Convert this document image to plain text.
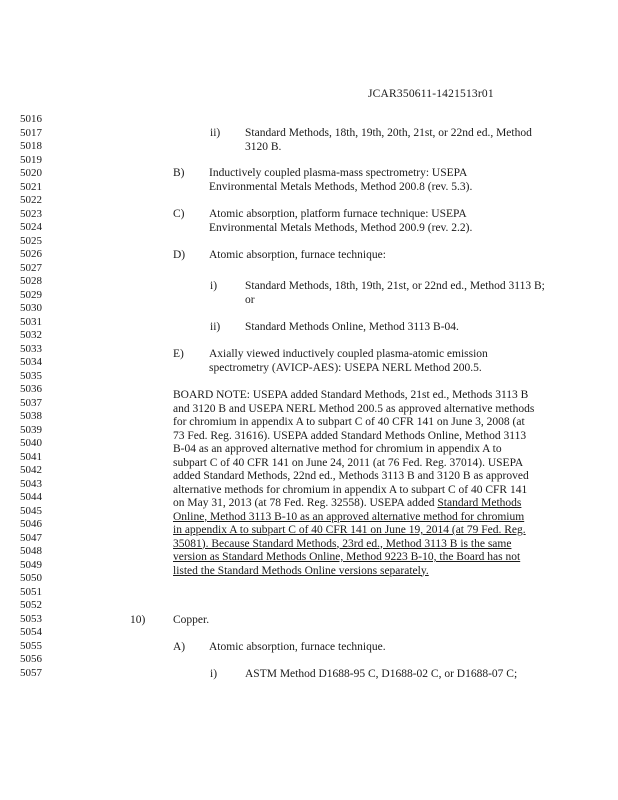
JCAR350611-1421513r01
5016
5017
5018
5019
5020
5021
5022
5023
5024
5025
5026
5027
5028
5029
5030
5031
5032
5033
5034
5035
5036
5037
5038
5039
5040
5041
5042
5043
5044
5045
5046
5047
5048
5049
5050
5051
5052
5053
5054
5055
5056
5057
ii) Standard Methods, 18th, 19th, 20th, 21st, or 22nd ed., Method 3120 B.
B) Inductively coupled plasma-mass spectrometry: USEPA Environmental Metals Methods, Method 200.8 (rev. 5.3).
C) Atomic absorption, platform furnace technique: USEPA Environmental Metals Methods, Method 200.9 (rev. 2.2).
D) Atomic absorption, furnace technique:
i) Standard Methods, 18th, 19th, 21st, or 22nd ed., Method 3113 B; or
ii) Standard Methods Online, Method 3113 B-04.
E) Axially viewed inductively coupled plasma-atomic emission spectrometry (AVICP-AES): USEPA NERL Method 200.5.
BOARD NOTE: USEPA added Standard Methods, 21st ed., Methods 3113 B and 3120 B and USEPA NERL Method 200.5 as approved alternative methods for chromium in appendix A to subpart C of 40 CFR 141 on June 3, 2008 (at 73 Fed. Reg. 31616). USEPA added Standard Methods Online, Method 3113 B-04 as an approved alternative method for chromium in appendix A to subpart C of 40 CFR 141 on June 24, 2011 (at 76 Fed. Reg. 37014). USEPA added Standard Methods, 22nd ed., Methods 3113 B and 3120 B as approved alternative methods for chromium in appendix A to subpart C of 40 CFR 141 on May 31, 2013 (at 78 Fed. Reg. 32558). USEPA added Standard Methods Online, Method 3113 B-10 as an approved alternative method for chromium in appendix A to subpart C of 40 CFR 141 on June 19, 2014 (at 79 Fed. Reg. 35081). Because Standard Methods, 23rd ed., Method 3113 B is the same version as Standard Methods Online, Method 9223 B-10, the Board has not listed the Standard Methods Online versions separately.
10) Copper.
A) Atomic absorption, furnace technique.
i) ASTM Method D1688-95 C, D1688-02 C, or D1688-07 C;
